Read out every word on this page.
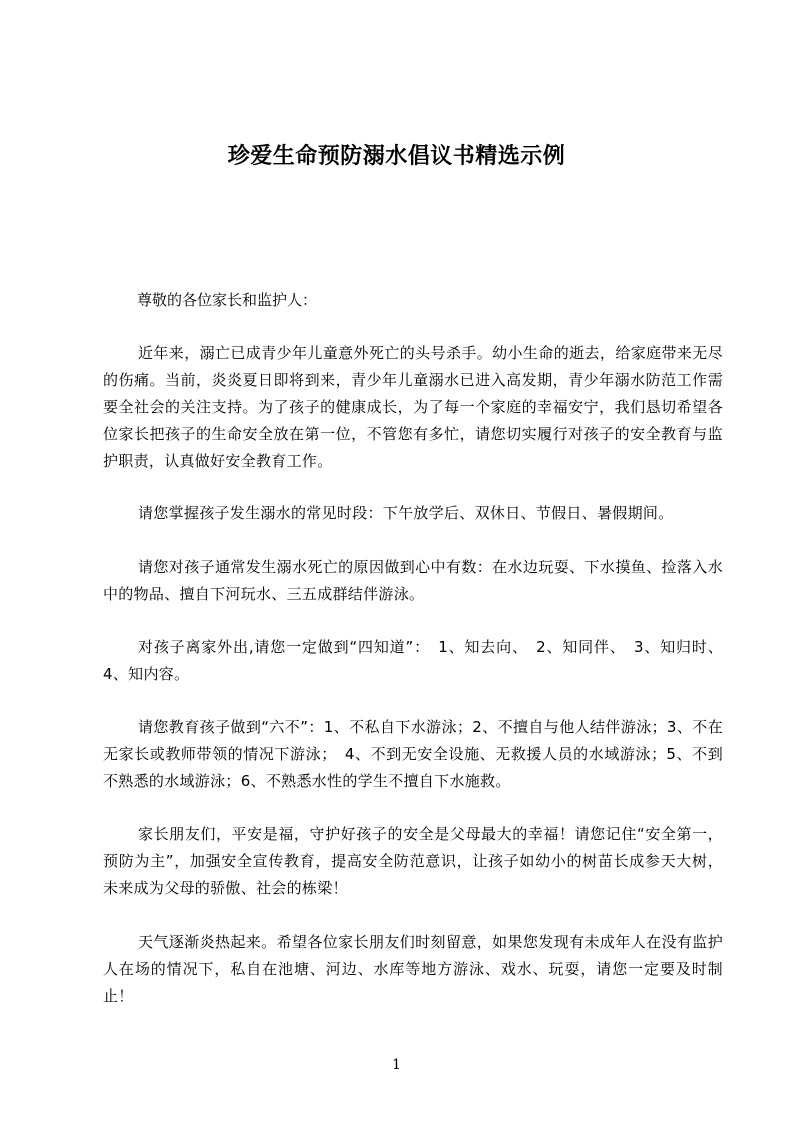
珍爱生命预防溺水倡议书精选示例
尊敬的各位家长和监护人：
近年来，溺亡已成青少年儿童意外死亡的头号杀手。幼小生命的逝去，给家庭带来无尽的伤痛。当前，炎炎夏日即将到来，青少年儿童溺水已进入高发期，青少年溺水防范工作需要全社会的关注支持。为了孩子的健康成长，为了每一个家庭的幸福安宁，我们恳切希望各位家长把孩子的生命安全放在第一位，不管您有多忙，请您切实履行对孩子的安全教育与监护职责，认真做好安全教育工作。
请您掌握孩子发生溺水的常见时段：下午放学后、双休日、节假日、暑假期间。
请您对孩子通常发生溺水死亡的原因做到心中有数：在水边玩耍、下水摸鱼、捡落入水中的物品、擅自下河玩水、三五成群结伴游泳。
对孩子离家外出,请您一定做到“四知道”：　1、知去向、　2、知同伴、　3、知归时、 4、知内容。
请您教育孩子做到“六不”：1、不私自下水游泳；2、不擅自与他人结伴游泳；3、不在无家长或教师带领的情况下游泳；　4、不到无安全设施、无救援人员的水域游泳；5、不到不熟悉的水域游泳；6、不熟悉水性的学生不擅自下水施救。
家长朋友们，平安是福，守护好孩子的安全是父母最大的幸福！请您记住“安全第一，预防为主”，加强安全宣传教育，提高安全防范意识，让孩子如幼小的树苗长成参天大树，未来成为父母的骄傲、社会的栋梁！
天气逐渐炎热起来。希望各位家长朋友们时刻留意，如果您发现有未成年人在没有监护人在场的情况下，私自在池塘、河边、水库等地方游泳、戏水、玩耍，请您一定要及时制止！
1
